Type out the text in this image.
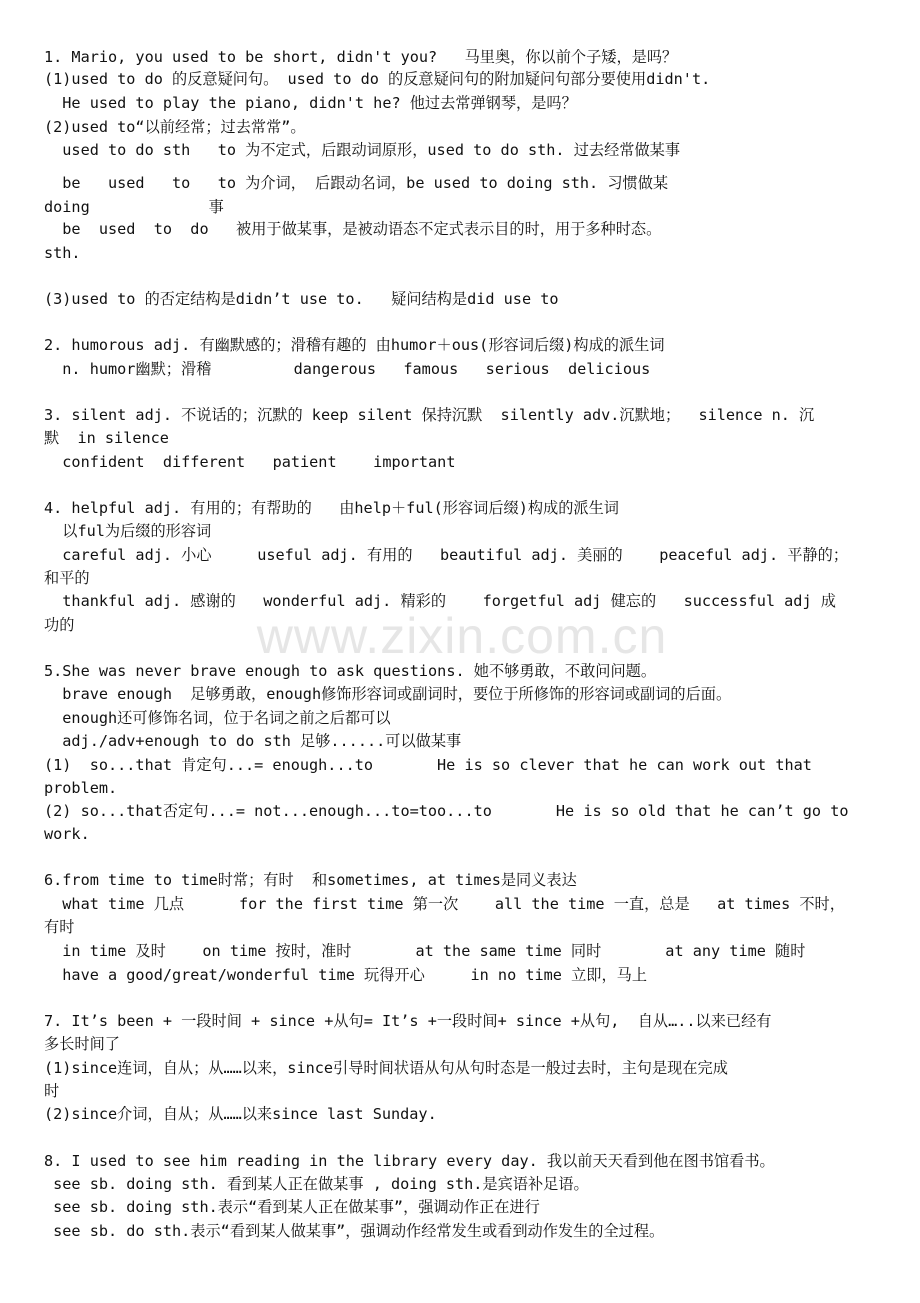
www.zixin.com.cn
1. Mario, you used to be short, didn't you?   马里奥，你以前个子矮，是吗？
(1)used to do 的反意疑问句。 used to do 的反意疑问句的附加疑问句部分要使用didn't.
He used to play the piano, didn't he? 他过去常弹钢琴，是吗？
(2)used to“以前经常；过去常常”。
used to do sth   to 为不定式，后跟动词原形，used to do sth. 过去经常做某事
be   used   to   to 为介词， 后跟动名词，be used to doing sth. 习惯做某
doing             事
be  used  to  do   被用于做某事，是被动语态不定式表示目的时，用于多种时态。
sth.
(3)used to 的否定结构是didn’t use to.   疑问结构是did use to
2. humorous adj. 有幽默感的；滑稽有趣的 由humor＋ous(形容词后缀)构成的派生词
n. humor幽默；滑稽         dangerous   famous   serious  delicious
3. silent adj. 不说话的；沉默的 keep silent 保持沉默  silently adv.沉默地；  silence n. 沉
默  in silence
confident  different   patient    important
4. helpful adj. 有用的；有帮助的   由help＋ful(形容词后缀)构成的派生词
以ful为后缀的形容词
careful adj. 小心     useful adj. 有用的   beautiful adj. 美丽的    peaceful adj. 平静的；
和平的
thankful adj. 感谢的   wonderful adj. 精彩的    forgetful adj 健忘的   successful adj 成
功的
5.She was never brave enough to ask questions. 她不够勇敢，不敢问问题。
brave enough  足够勇敢，enough修饰形容词或副词时，要位于所修饰的形容词或副词的后面。
enough还可修饰名词，位于名词之前之后都可以
adj./adv+enough to do sth 足够......可以做某事
(1)  so...that 肯定句...= enough...to       He is so clever that he can work out that
problem.
(2) so...that否定句...= not...enough...to=too...to       He is so old that he can’t go to
work.
6.from time to time时常；有时  和sometimes, at times是同义表达
what time 几点      for the first time 第一次    all the time 一直，总是   at times 不时，
有时
in time 及时    on time 按时，准时       at the same time 同时       at any time 随时
have a good/great/wonderful time 玩得开心     in no time 立即，马上
7. It’s been + 一段时间 + since +从句= It’s +一段时间+ since +从句,  自从…..以来已经有
多长时间了
(1)since连词，自从；从……以来，since引导时间状语从句从句时态是一般过去时，主句是现在完成
时
(2)since介词，自从；从……以来since last Sunday.
8. I used to see him reading in the library every day. 我以前天天看到他在图书馆看书。
see sb. doing sth. 看到某人正在做某事 , doing sth.是宾语补足语。
see sb. doing sth.表示“看到某人正在做某事”，强调动作正在进行
see sb. do sth.表示“看到某人做某事”，强调动作经常发生或看到动作发生的全过程。
